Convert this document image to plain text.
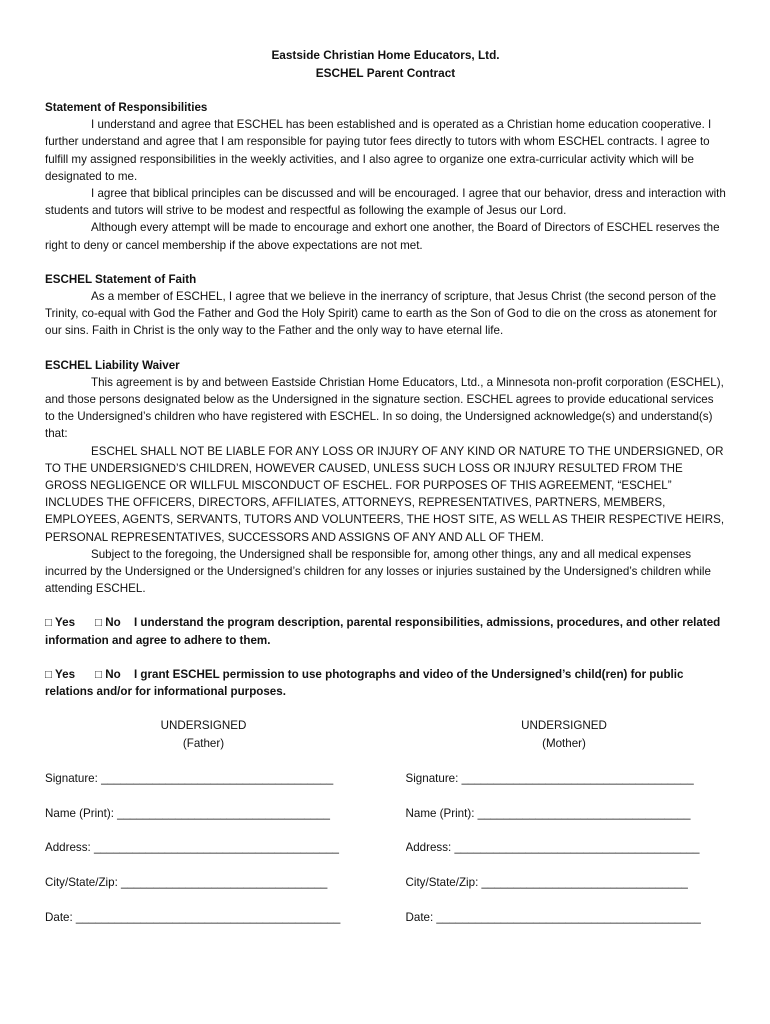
Eastside Christian Home Educators, Ltd.
ESCHEL Parent Contract
Statement of Responsibilities

I understand and agree that ESCHEL has been established and is operated as a Christian home education cooperative. I further understand and agree that I am responsible for paying tutor fees directly to tutors with whom ESCHEL contracts. I agree to fulfill my assigned responsibilities in the weekly activities, and I also agree to organize one extra-curricular activity which will be designated to me.

I agree that biblical principles can be discussed and will be encouraged. I agree that our behavior, dress and interaction with students and tutors will strive to be modest and respectful as following the example of Jesus our Lord.

Although every attempt will be made to encourage and exhort one another, the Board of Directors of ESCHEL reserves the right to deny or cancel membership if the above expectations are not met.

ESCHEL Statement of Faith

As a member of ESCHEL, I agree that we believe in the inerrancy of scripture, that Jesus Christ (the second person of the Trinity, co-equal with God the Father and God the Holy Spirit) came to earth as the Son of God to die on the cross as atonement for our sins. Faith in Christ is the only way to the Father and the only way to have eternal life.

ESCHEL Liability Waiver

This agreement is by and between Eastside Christian Home Educators, Ltd., a Minnesota non-profit corporation (ESCHEL), and those persons designated below as the Undersigned in the signature section. ESCHEL agrees to provide educational services to the Undersigned’s children who have registered with ESCHEL. In so doing, the Undersigned acknowledge(s) and understand(s) that:

ESCHEL SHALL NOT BE LIABLE FOR ANY LOSS OR INJURY OF ANY KIND OR NATURE TO THE UNDERSIGNED, OR TO THE UNDERSIGNED’S CHILDREN, HOWEVER CAUSED, UNLESS SUCH LOSS OR INJURY RESULTED FROM THE GROSS NEGLIGENCE OR WILLFUL MISCONDUCT OF ESCHEL. FOR PURPOSES OF THIS AGREEMENT, “ESCHEL” INCLUDES THE OFFICERS, DIRECTORS, AFFILIATES, ATTORNEYS, REPRESENTATIVES, PARTNERS, MEMBERS, EMPLOYEES, AGENTS, SERVANTS, TUTORS AND VOLUNTEERS, THE HOST SITE, AS WELL AS THEIR RESPECTIVE HEIRS, PERSONAL REPRESENTATIVES, SUCCESSORS AND ASSIGNS OF ANY AND ALL OF THEM.

Subject to the foregoing, the Undersigned shall be responsible for, among other things, any and all medical expenses incurred by the Undersigned or the Undersigned’s children for any losses or injuries sustained by the Undersigned’s children while attending ESCHEL.

□ Yes □ No I understand the program description, parental responsibilities, admissions, procedures, and other related information and agree to adhere to them.
□ Yes □ No I grant ESCHEL permission to use photographs and video of the Undersigned’s child(ren) for public relations and/or for informational purposes.
UNDERSIGNED
(Father)
Signature: ____________________________________
Name (Print): _________________________________
Address: ______________________________________
City/State/Zip: ________________________________
Date: _________________________________________
UNDERSIGNED
(Mother)
Signature: ____________________________________
Name (Print): _________________________________
Address: ______________________________________
City/State/Zip: ________________________________
Date: _________________________________________
